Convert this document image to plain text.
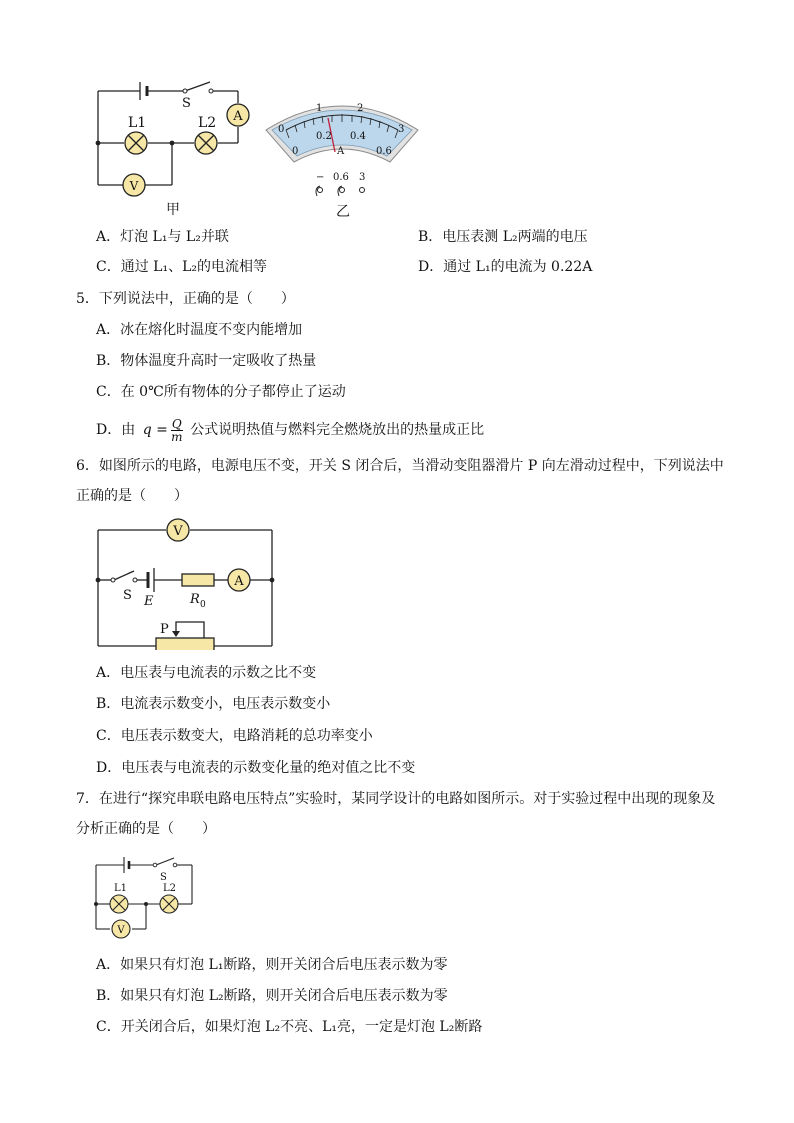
A
V
S
L1	L2
甲
0
1	2
3
0
0.2 0.4
0.6
A
− 0.6 3
乙
A．灯泡 L₁与 L₂并联	B．电压表测 L₂两端的电压
C．通过 L₁、L₂的电流相等	D．通过 L₁的电流为 0.22A
5．下列说法中，正确的是（　　）
A．冰在熔化时温度不变内能增加
B．物体温度升高时一定吸收了热量
C．在 0℃所有物体的分子都停止了运动
D．由 $q = \frac{Q}{m}$ 公式说明热值与燃料完全燃烧放出的热量成正比
6．如图所示的电路，电源电压不变，开关 S 闭合后，当滑动变阻器滑片 P 向左滑动过程中，下列说法中
正确的是（　　）
V
A
S E	R 0
P
A．电压表与电流表的示数之比不变
B．电流表示数变小，电压表示数变小
C．电压表示数变大，电路消耗的总功率变小
D．电压表与电流表的示数变化量的绝对值之比不变
7．在进行“探究串联电路电压特点”实验时，某同学设计的电路如图所示。对于实验过程中出现的现象及
分析正确的是（　　）
V
S
L1	L2
A．如果只有灯泡 L₁断路，则开关闭合后电压表示数为零
B．如果只有灯泡 L₂断路，则开关闭合后电压表示数为零
C．开关闭合后，如果灯泡 L₂不亮、L₁亮，一定是灯泡 L₂断路
